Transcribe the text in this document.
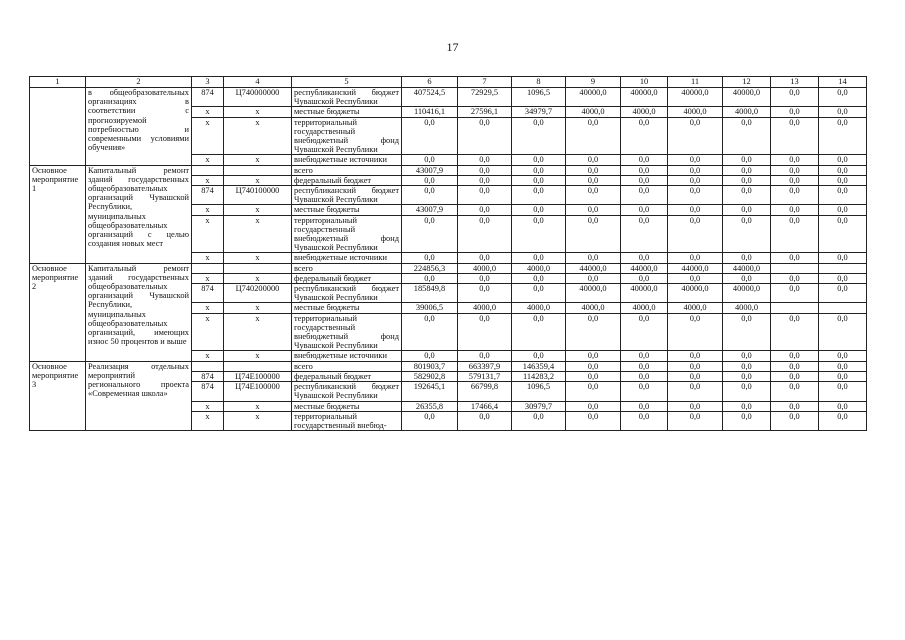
17
1	2	3	4	5	6	7	8	9	10	11	12	13	14
	в общеобразовательных организациях в соответствии с прогнозируемой потребностью и современными условиями обучения»	874	Ц740000000	республиканский бюджет Чувашской Республики	407524,5	72929,5	1096,5	40000,0	40000,0	40000,0	40000,0	0,0	0,0
		x	x	местные бюджеты	110416,1	27596,1	34979,7	4000,0	4000,0	4000,0	4000,0	0,0	0,0
		x	x	территориальный государственный внебюджетный фонд Чувашской Республики	0,0	0,0	0,0	0,0	0,0	0,0	0,0	0,0	0,0
		x	x	внебюджетные источники	0,0	0,0	0,0	0,0	0,0	0,0	0,0	0,0	0,0
Основное мероприятие 1	Капитальный ремонт зданий государственных общеобразовательных организаций Чувашской Республики, муниципальных общеобразовательных организаций с целью создания новых мест			всего	43007,9	0,0	0,0	0,0	0,0	0,0	0,0	0,0	0,0
		x	x	федеральный бюджет	0,0	0,0	0,0	0,0	0,0	0,0	0,0	0,0	0,0
		874	Ц740100000	республиканский бюджет Чувашской Республики	0,0	0,0	0,0	0,0	0,0	0,0	0,0	0,0	0,0
		x	x	местные бюджеты	43007,9	0,0	0,0	0,0	0,0	0,0	0,0	0,0	0,0
		x	x	территориальный государственный внебюджетный фонд Чувашской Республики	0,0	0,0	0,0	0,0	0,0	0,0	0,0	0,0	0,0
		x	x	внебюджетные источники	0,0	0,0	0,0	0,0	0,0	0,0	0,0	0,0	0,0
Основное мероприятие 2	Капитальный ремонт зданий государственных общеобразовательных организаций Чувашской Республики, муниципальных общеобразовательных организаций, имеющих износ 50 процентов и выше			всего	224856,3	4000,0	4000,0	44000,0	44000,0	44000,0	44000,0		
		x	x	федеральный бюджет	0,0	0,0	0,0	0,0	0,0	0,0	0,0	0,0	0,0
		874	Ц740200000	республиканский бюджет Чувашской Республики	185849,8	0,0	0,0	40000,0	40000,0	40000,0	40000,0	0,0	0,0
		x	x	местные бюджеты	39006,5	4000,0	4000,0	4000,0	4000,0	4000,0	4000,0		
		x	x	территориальный государственный внебюджетный фонд Чувашской Республики	0,0	0,0	0,0	0,0	0,0	0,0	0,0	0,0	0,0
		x	x	внебюджетные источники	0,0	0,0	0,0	0,0	0,0	0,0	0,0	0,0	0,0
Основное мероприятие 3	Реализация отдельных мероприятий регионального проекта «Современная школа»			всего	801903,7	663397,9	146359,4	0,0	0,0	0,0	0,0	0,0	0,0
		874	Ц74Е100000	федеральный бюджет	582902,8	579131,7	114283,2	0,0	0,0	0,0	0,0	0,0	0,0
		874	Ц74Е100000	республиканский бюджет Чувашской Республики	192645,1	66799,8	1096,5	0,0	0,0	0,0	0,0	0,0	0,0
		x	x	местные бюджеты	26355,8	17466,4	30979,7	0,0	0,0	0,0	0,0	0,0	0,0
		x	x	территориальный государственный внебюд-	0,0	0,0	0,0	0,0	0,0	0,0	0,0	0,0	0,0
